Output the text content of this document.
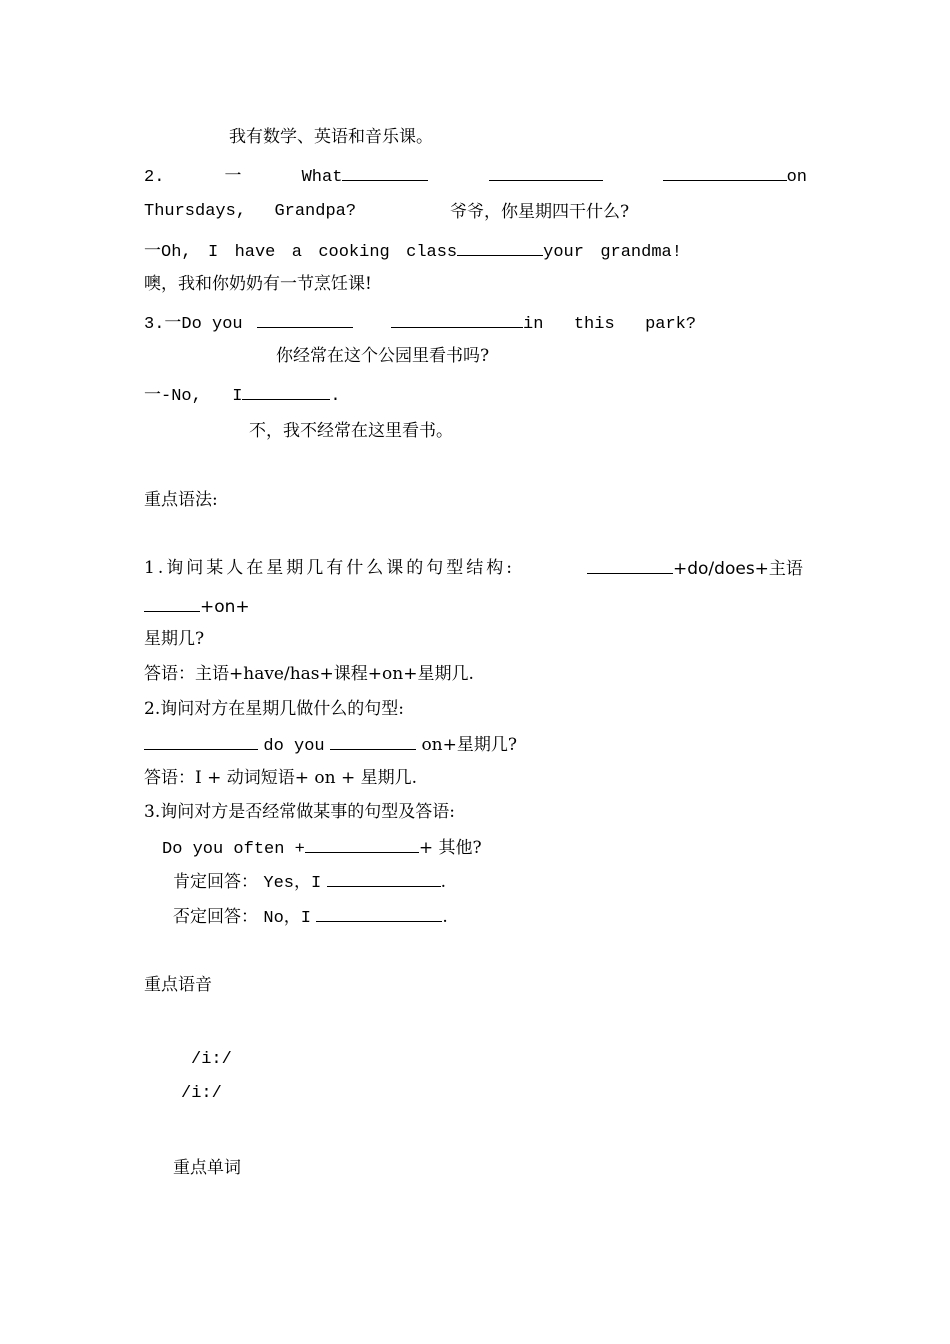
我有数学、英语和音乐课。
2.	一	What	on
Thursdays, Grandpa?	爷爷，你星期四干什么?
一Oh, I have a cooking class	your grandma!
噢，我和你奶奶有一节烹饪课!
3.一Do you	in this park?
你经常在这个公园里看书吗?
一-No, I	.
不，我不经常在这里看书。
重点语法:
1.询问某人在星期几有什么课的句型结构:	+do/does+主语
+on+
星期几?
答语：主语+have/has+课程+on+星期几.
2.询问对方在星期几做什么的句型:
do you	on+星期几?
答语：I + 动词短语+ on + 星期几.
3.询问对方是否经常做某事的句型及答语:
Do you often +	+ 其他?
肯定回答： Yes，I	.
否定回答： No，I	.
重点语音
/i:/
/i:/
重点单词
